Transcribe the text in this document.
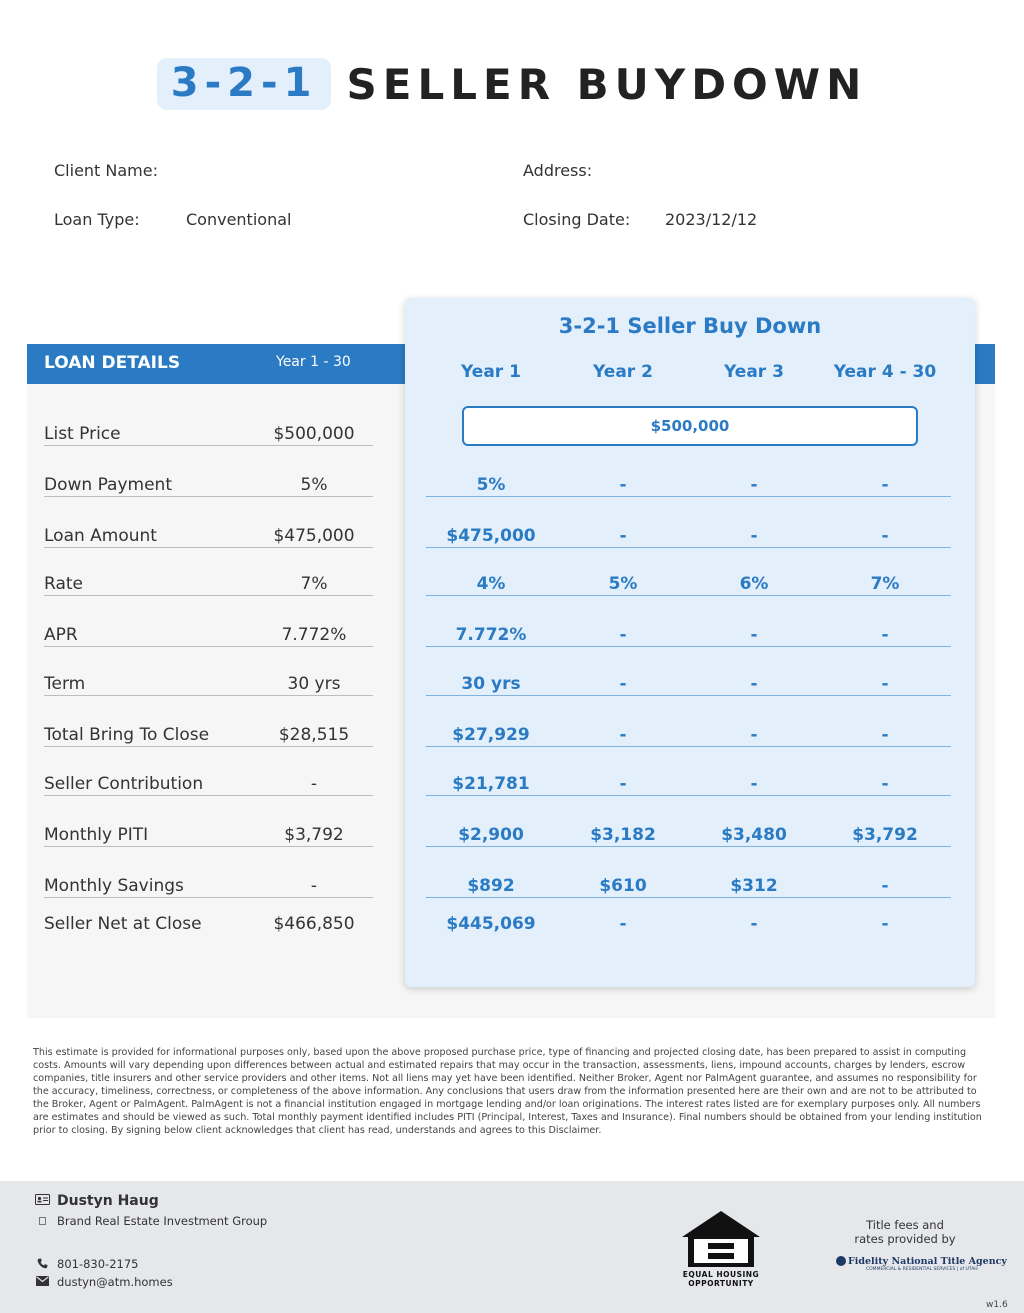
3-2-1 SELLER BUYDOWN
Client Name:	Address:
Loan Type:	Conventional	Closing Date: 2023/12/12
LOAN DETAILS	Year 1 - 30
List Price	$500,000
Down Payment	5%
Loan Amount	$475,000
Rate	7%
APR	7.772%
Term	30 yrs
Total Bring To Close	$28,515
Seller Contribution	-
Monthly PITI	$3,792
Monthly Savings	-
Seller Net at Close	$466,850
3-2-1 Seller Buy Down
Year 1	Year 2	Year 3	Year 4 - 30
$500,000
5%	-	-	-
$475,000	-	-	-
4%	5%	6%	7%
7.772%	-	-	-
30 yrs	-	-	-
$27,929	-	-	-
$21,781	-	-	-
$2,900	$3,182	$3,480	$3,792
$892	$610	$312	-
$445,069	-	-	-
This estimate is provided for informational purposes only, based upon the above proposed purchase price, type of financing and projected closing date, has been prepared to assist in computing costs. Amounts will vary depending upon differences between actual and estimated repairs that may occur in the transaction, assessments, liens, impound accounts, charges by lenders, escrow companies, title insurers and other service providers and other items. Not all liens may yet have been identified. Neither Broker, Agent nor PalmAgent guarantee, and assumes no responsibility for the accuracy, timeliness, correctness, or completeness of the above information. Any conclusions that users draw from the information presented here are their own and are not to be attributed to the Broker, Agent or PalmAgent. PalmAgent is not a financial institution engaged in mortgage lending and/or loan originations. The interest rates listed are for exemplary purposes only. All numbers are estimates and should be viewed as such. Total monthly payment identified includes PITI (Principal, Interest, Taxes and Insurance). Final numbers should be obtained from your lending institution prior to closing. By signing below client acknowledges that client has read, understands and agrees to this Disclaimer.
Dustyn Haug
Brand Real Estate Investment Group
801-830-2175
dustyn@atm.homes
EQUAL HOUSING
OPPORTUNITY
Title fees and
rates provided by
Fidelity National Title Agency
COMMERCIAL & RESIDENTIAL SERVICES | of UTAH
w1.6
